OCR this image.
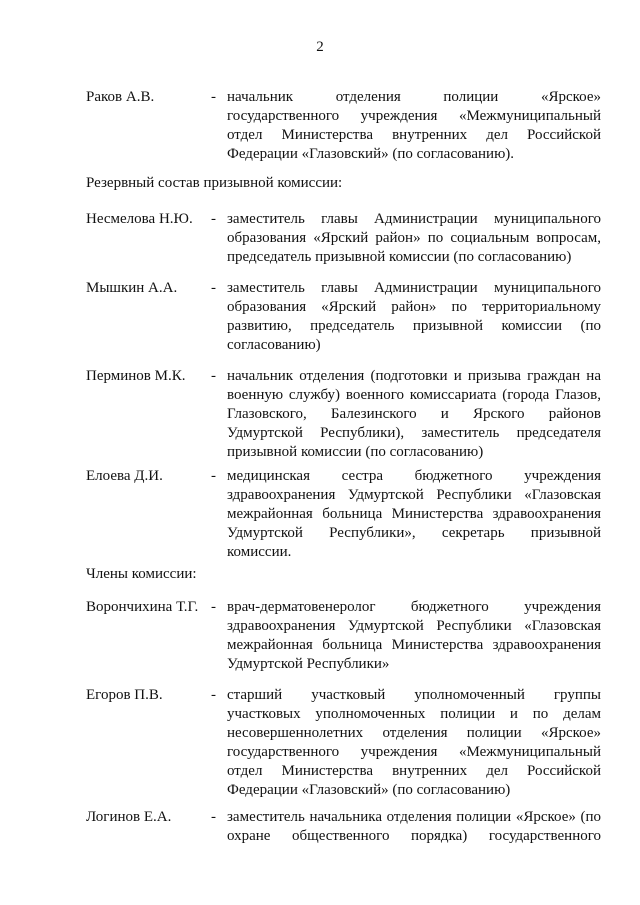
2
Раков А.В.	- начальник отделения полиции «Ярское»
государственного учреждения «Межмуниципальный
отдел Министерства внутренних дел Российской
Федерации «Глазовский» (по согласованию).
Резервный состав призывной комиссии:
Несмелова Н.Ю. - заместитель главы Администрации муниципального
образования «Ярский район» по социальным вопросам,
председатель призывной комиссии (по согласованию)
Мышкин А.А. - заместитель главы Администрации муниципального
образования «Ярский район» по территориальному
развитию, председатель призывной комиссии (по
согласованию)
Перминов М.К. - начальник отделения (подготовки и призыва граждан на
военную службу) военного комиссариата (города Глазов,
Глазовского, Балезинского и Ярского районов
Удмуртской Республики), заместитель председателя
призывной комиссии (по согласованию)
Елоева Д.И.	- медицинская сестра бюджетного учреждения
здравоохранения Удмуртской Республики «Глазовская
межрайонная больница Министерства здравоохранения
Удмуртской Республики», секретарь призывной
комиссии.
Члены комиссии:
Ворончихина Т.Г. - врач-дерматовенеролог бюджетного учреждения
здравоохранения Удмуртской Республики «Глазовская
межрайонная больница Министерства здравоохранения
Удмуртской Республики»
Егоров П.В.	- старший участковый уполномоченный группы
участковых уполномоченных полиции и по делам
несовершеннолетних отделения полиции «Ярское»
государственного учреждения «Межмуниципальный
отдел Министерства внутренних дел Российской
Федерации «Глазовский» (по согласованию)
Логинов Е.А.	- заместитель начальника отделения полиции «Ярское» (по
охране общественного порядка) государственного
